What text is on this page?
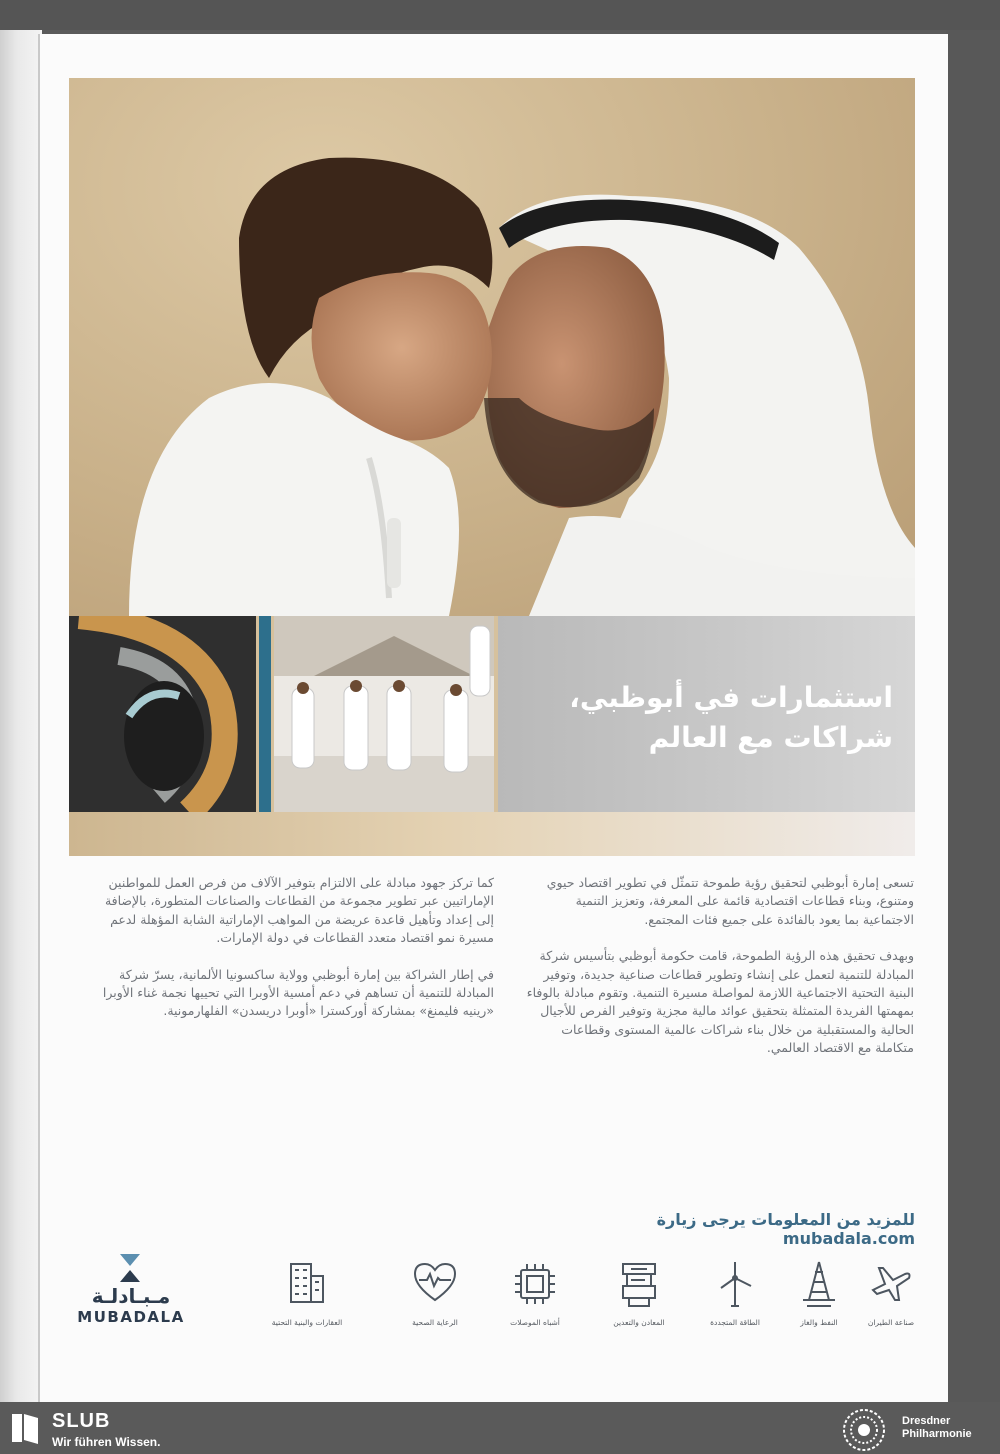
استثمارات في أبوظبي،
شراكات مع العالم

تسعى إمارة أبوظبي لتحقيق رؤية طموحة تتمثّل في تطوير اقتصاد حيوي ومتنوع، وبناء قطاعات اقتصادية قائمة على المعرفة، وتعزيز التنمية الاجتماعية بما يعود بالفائدة على جميع فئات المجتمع.

وبهدف تحقيق هذه الرؤية الطموحة، قامت حكومة أبوظبي بتأسيس شركة المبادلة للتنمية لتعمل على إنشاء وتطوير قطاعات صناعية جديدة، وتوفير البنية التحتية الاجتماعية اللازمة لمواصلة مسيرة التنمية. وتقوم مبادلة بالوفاء بمهمتها الفريدة المتمثلة بتحقيق عوائد مالية مجزية وتوفير الفرص للأجيال الحالية والمستقبلية من خلال بناء شراكات عالمية المستوى وقطاعات متكاملة مع الاقتصاد العالمي.

كما تركز جهود مبادلة على الالتزام بتوفير الآلاف من فرص العمل للمواطنين الإماراتيين عبر تطوير مجموعة من القطاعات والصناعات المتطورة، بالإضافة إلى إعداد وتأهيل قاعدة عريضة من المواهب الإماراتية الشابة المؤهلة لدعم مسيرة نمو اقتصاد متعدد القطاعات في دولة الإمارات.

في إطار الشراكة بين إمارة أبوظبي وولاية ساكسونيا الألمانية، يسرّ شركة المبادلة للتنمية أن تساهم في دعم أمسية الأوبرا التي تحييها نجمة غناء الأوبرا «رينيه فليمنغ» بمشاركة أوركسترا «أوبرا دريسدن» الفلهارمونية.

للمزيد من المعلومات يرجى زيارة mubadala.com
صناعة الطيران
النفط والغاز
الطاقة المتجددة
المعادن والتعدين
أشباه الموصلات
الرعاية الصحية
العقارات والبنية التحتية
مـبـادلـة
MUBADALA
SLUB
Wir führen Wissen.
Dresdner
Philharmonie
